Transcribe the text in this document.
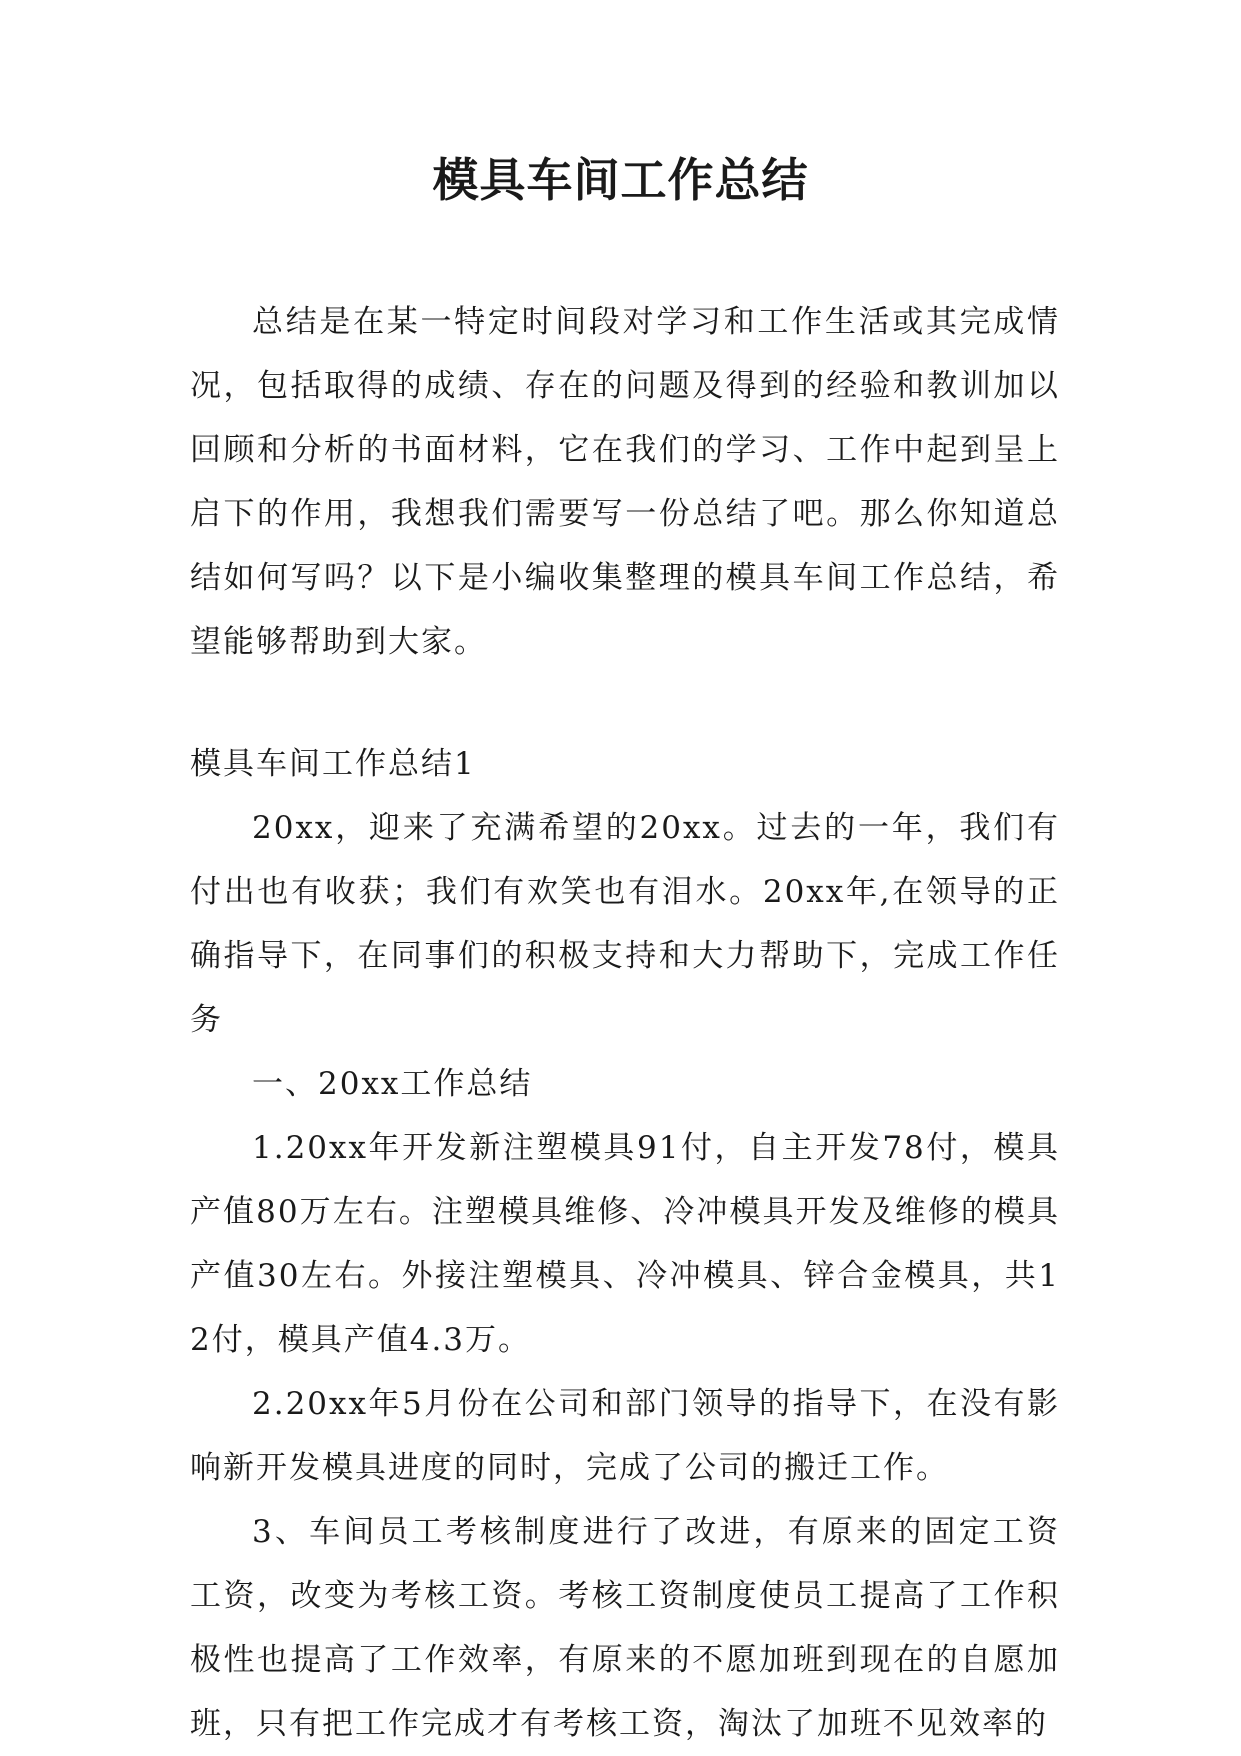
模具车间工作总结

总结是在某一特定时间段对学习和工作生活或其完成情况，包括取得的成绩、存在的问题及得到的经验和教训加以回顾和分析的书面材料，它在我们的学习、工作中起到呈上启下的作用，我想我们需要写一份总结了吧。那么你知道总结如何写吗？以下是小编收集整理的模具车间工作总结，希望能够帮助到大家。

模具车间工作总结1

20xx，迎来了充满希望的20xx。过去的一年，我们有付出也有收获；我们有欢笑也有泪水。20xx年,在领导的正确指导下，在同事们的积极支持和大力帮助下，完成工作任务

一、20xx工作总结

1.20xx年开发新注塑模具91付，自主开发78付，模具产值80万左右。注塑模具维修、冷冲模具开发及维修的模具产值30左右。外接注塑模具、冷冲模具、锌合金模具，共12付，模具产值4.3万。

2.20xx年5月份在公司和部门领导的指导下，在没有影响新开发模具进度的同时，完成了公司的搬迁工作。

3、车间员工考核制度进行了改进，有原来的固定工资工资，改变为考核工资。考核工资制度使员工提高了工作积极性也提高了工作效率，有原来的不愿加班到现在的自愿加班，只有把工作完成才有考核工资，淘汰了加班不见效率的
